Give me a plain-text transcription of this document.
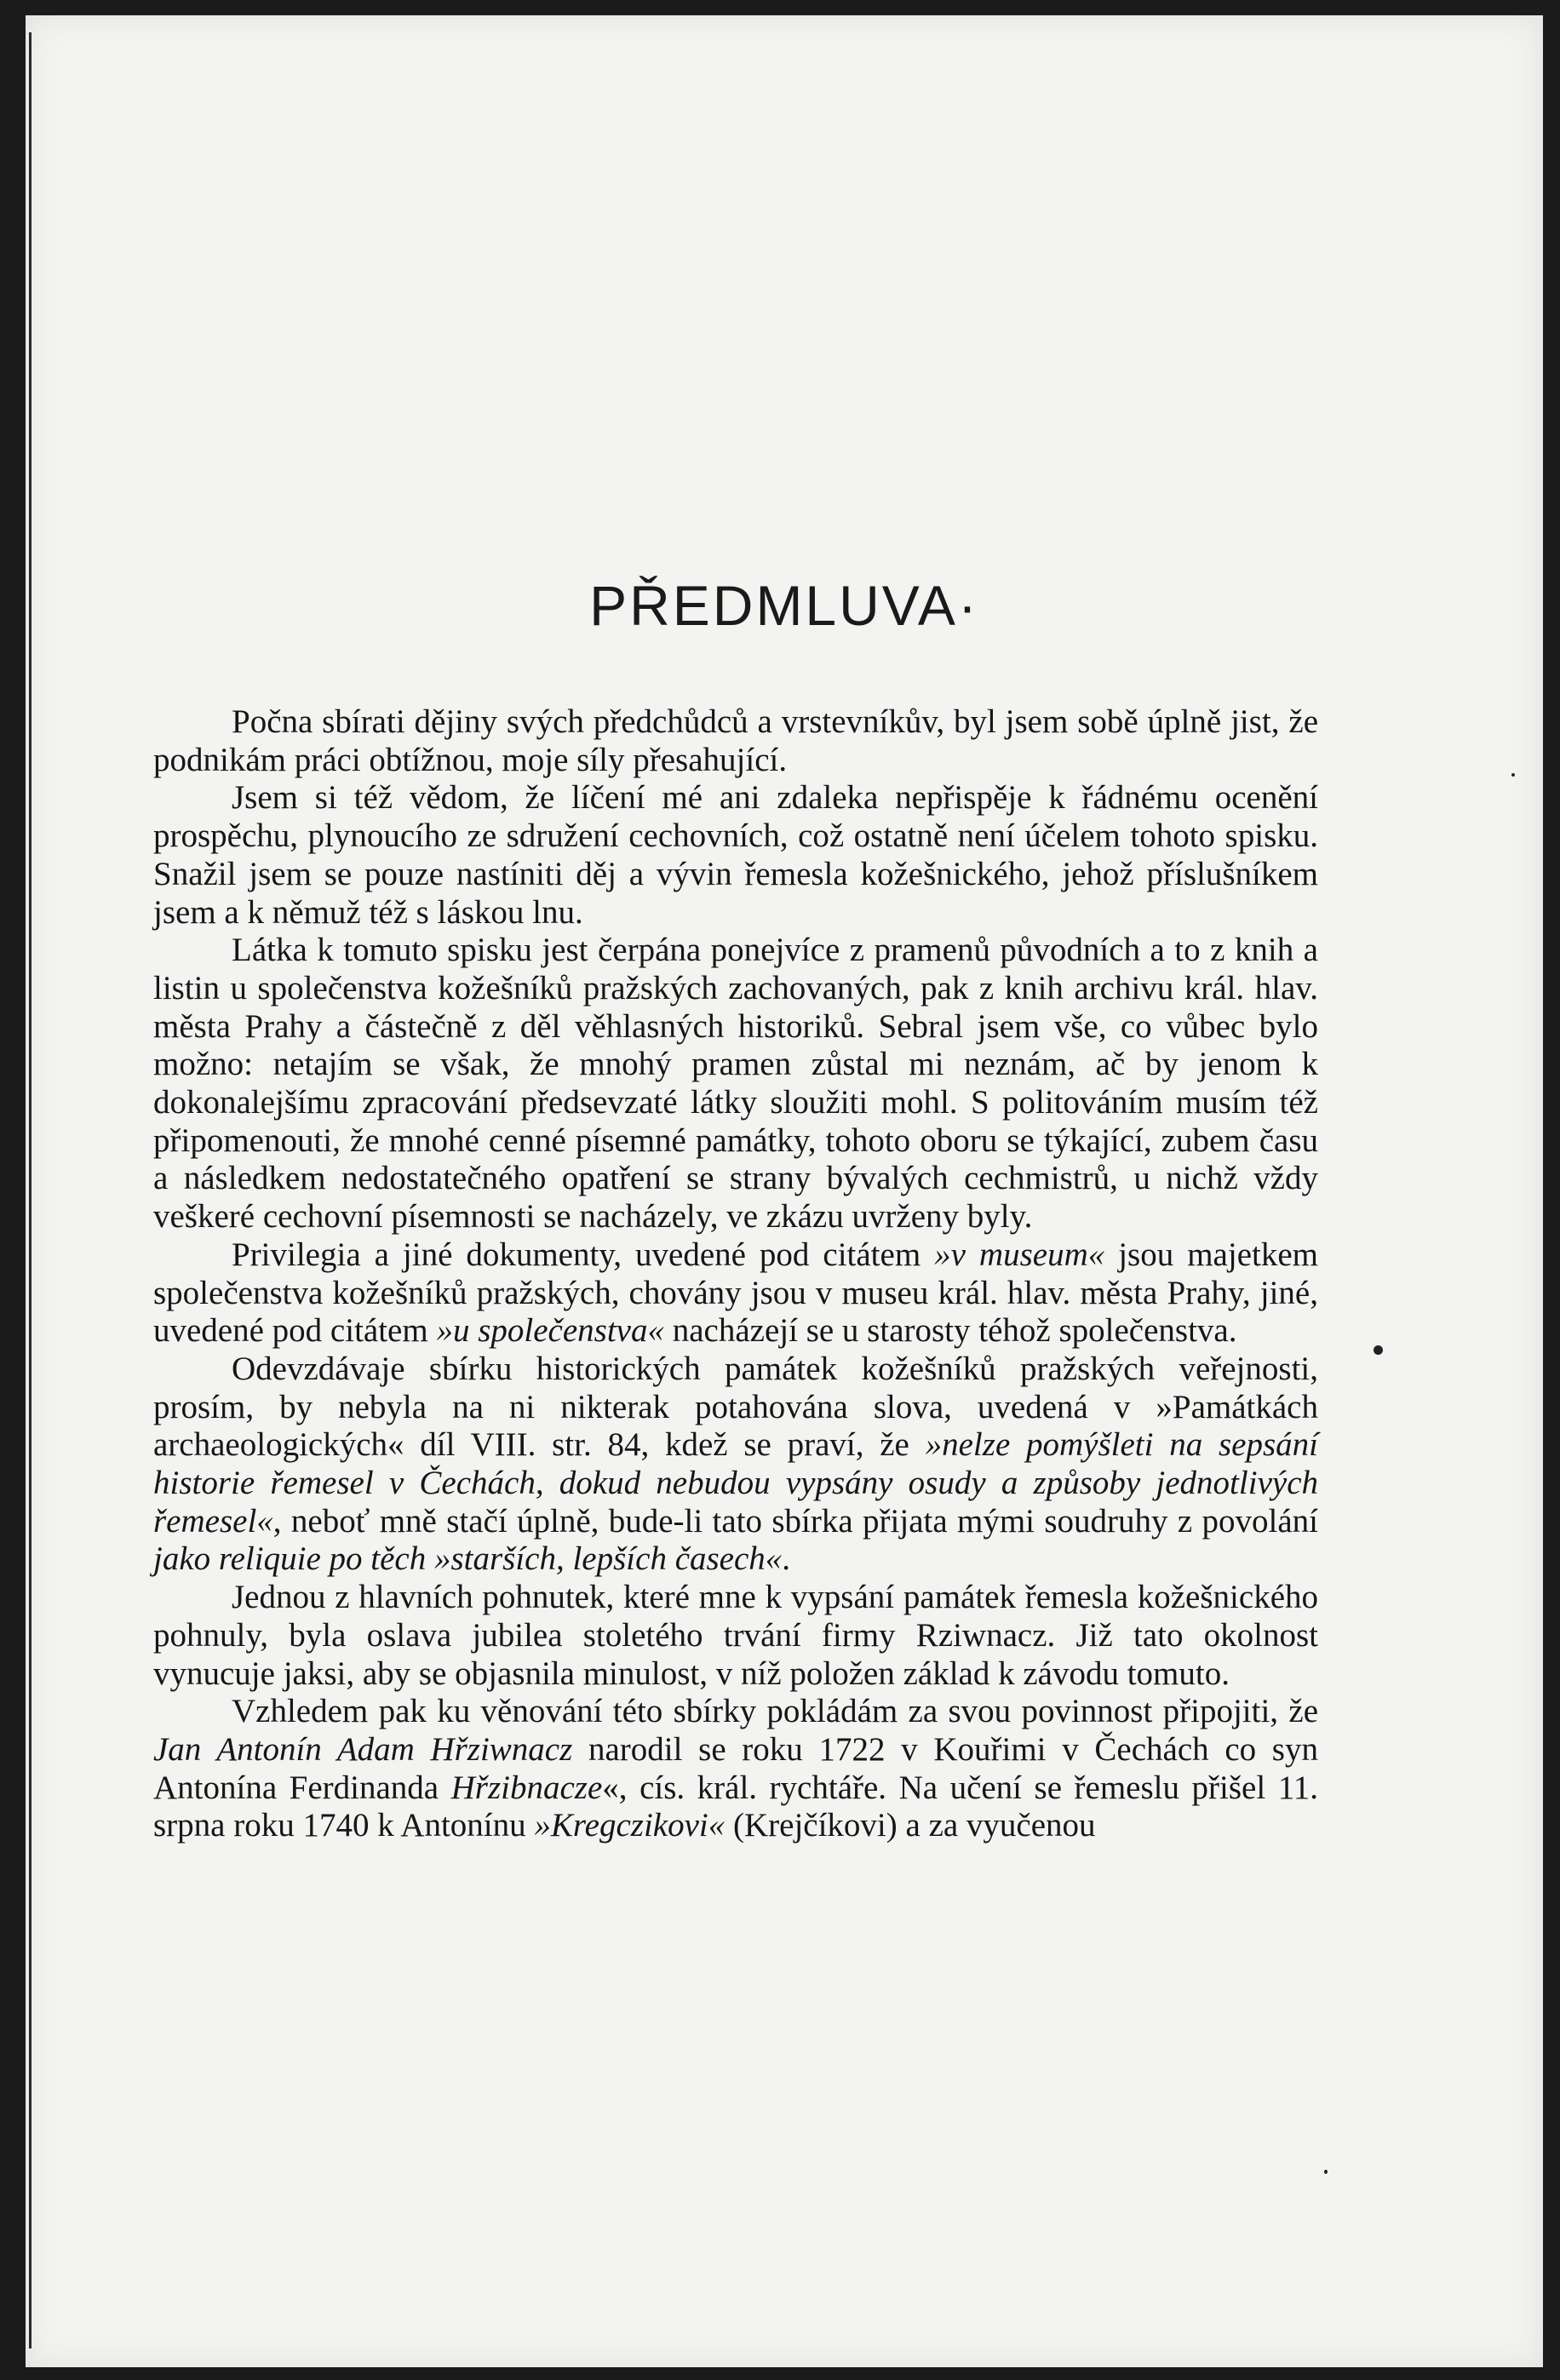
PŘEDMLUVA·

Počna sbírati dějiny svých předchůdců a vrstevníkův, byl jsem sobě úplně jist, že podnikám práci obtížnou, moje síly přesahující.

Jsem si též vědom, že líčení mé ani zdaleka nepřispěje k řádnému ocenění prospěchu, plynoucího ze sdružení cechovních, což ostatně není účelem tohoto spisku. Snažil jsem se pouze nastíniti děj a vývin řemesla kožešnického, jehož příslušníkem jsem a k němuž též s láskou lnu.

Látka k tomuto spisku jest čerpána ponejvíce z pramenů původních a to z knih a listin u společenstva kožešníků pražských zachovaných, pak z knih archivu král. hlav. města Prahy a částečně z děl věhlasných historiků. Sebral jsem vše, co vůbec bylo možno: netajím se však, že mnohý pramen zůstal mi neznám, ač by jenom k dokonalejšímu zpracování předsevzaté látky sloužiti mohl. S politováním musím též připomenouti, že mnohé cenné písemné památky, tohoto oboru se týkající, zubem času a následkem nedostatečného opatření se strany bývalých cechmistrů, u nichž vždy veškeré cechovní písemnosti se nacházely, ve zkázu uvrženy byly.

Privilegia a jiné dokumenty, uvedené pod citátem »v museum« jsou majetkem společenstva kožešníků pražských, chovány jsou v museu král. hlav. města Prahy, jiné, uvedené pod citátem »u společenstva« nacházejí se u starosty téhož společenstva.

Odevzdávaje sbírku historických památek kožešníků pražských veřejnosti, prosím, by nebyla na ni nikterak potahována slova, uvedená v »Památkách archaeologických« díl VIII. str. 84, kdež se praví, že »nelze pomýšleti na sepsání historie řemesel v Čechách, dokud nebudou vypsány osudy a způsoby jednotlivých řemesel«, neboť mně stačí úplně, bude-li tato sbírka přijata mými soudruhy z povolání jako reliquie po těch »starších, lepších časech«.

Jednou z hlavních pohnutek, které mne k vypsání památek řemesla kožešnického pohnuly, byla oslava jubilea stoletého trvání firmy Rziwnacz. Již tato okolnost vynucuje jaksi, aby se objasnila minulost, v níž položen základ k závodu tomuto.

Vzhledem pak ku věnování této sbírky pokládám za svou povinnost připojiti, že Jan Antonín Adam Hřziwnacz narodil se roku 1722 v Kouřimi v Čechách co syn Antonína Ferdinanda Hřzibnacze«, cís. král. rychtáře. Na učení se řemeslu přišel 11. srpna roku 1740 k Antonínu »Kregczikovi« (Krejčíkovi) a za vyučenou
